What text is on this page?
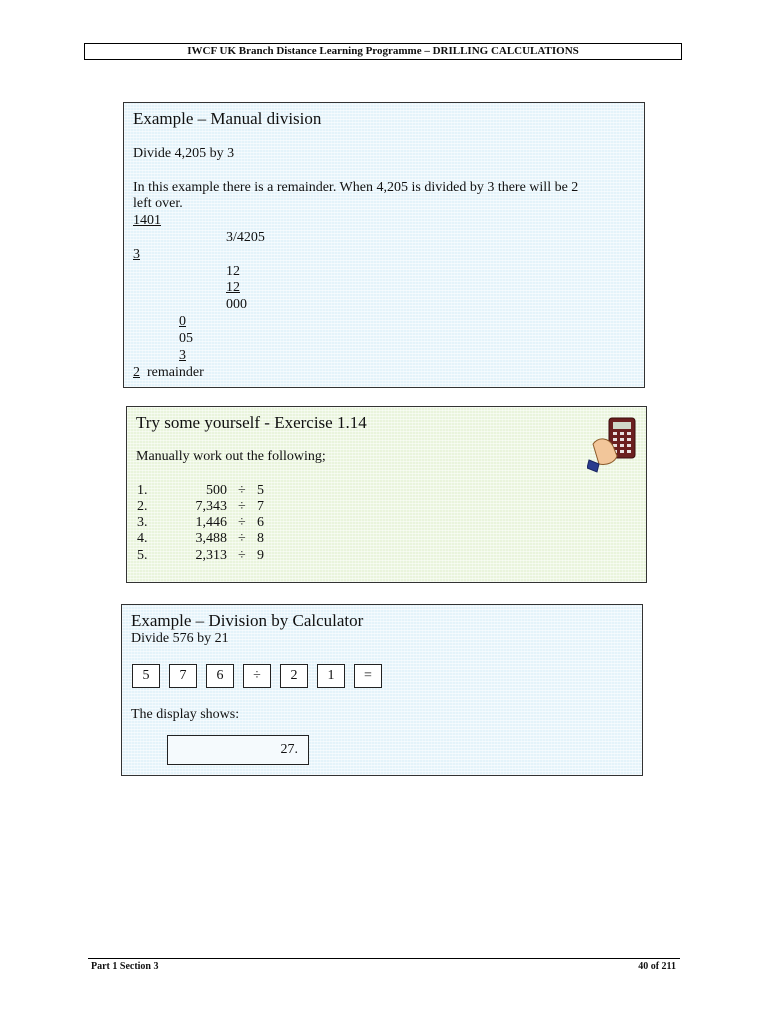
IWCF UK Branch Distance Learning Programme – DRILLING CALCULATIONS
Example – Manual division
Divide 4,205 by 3
In this example there is a remainder. When 4,205 is divided by 3 there will be 2
left over.
1401
3/4205
3
12
12
000
0
05
3
2 remainder
Try some yourself - Exercise 1.14
Manually work out the following;
1.	500 ÷ 5
2.	7,343 ÷ 7
3.	1,446 ÷ 6
4.	3,488 ÷ 8
5.	2,313 ÷ 9
Example – Division by Calculator
Divide 576 by 21
5	7	6	÷	2	1	=
The display shows:
27.
Part 1 Section 3	40 of 211
